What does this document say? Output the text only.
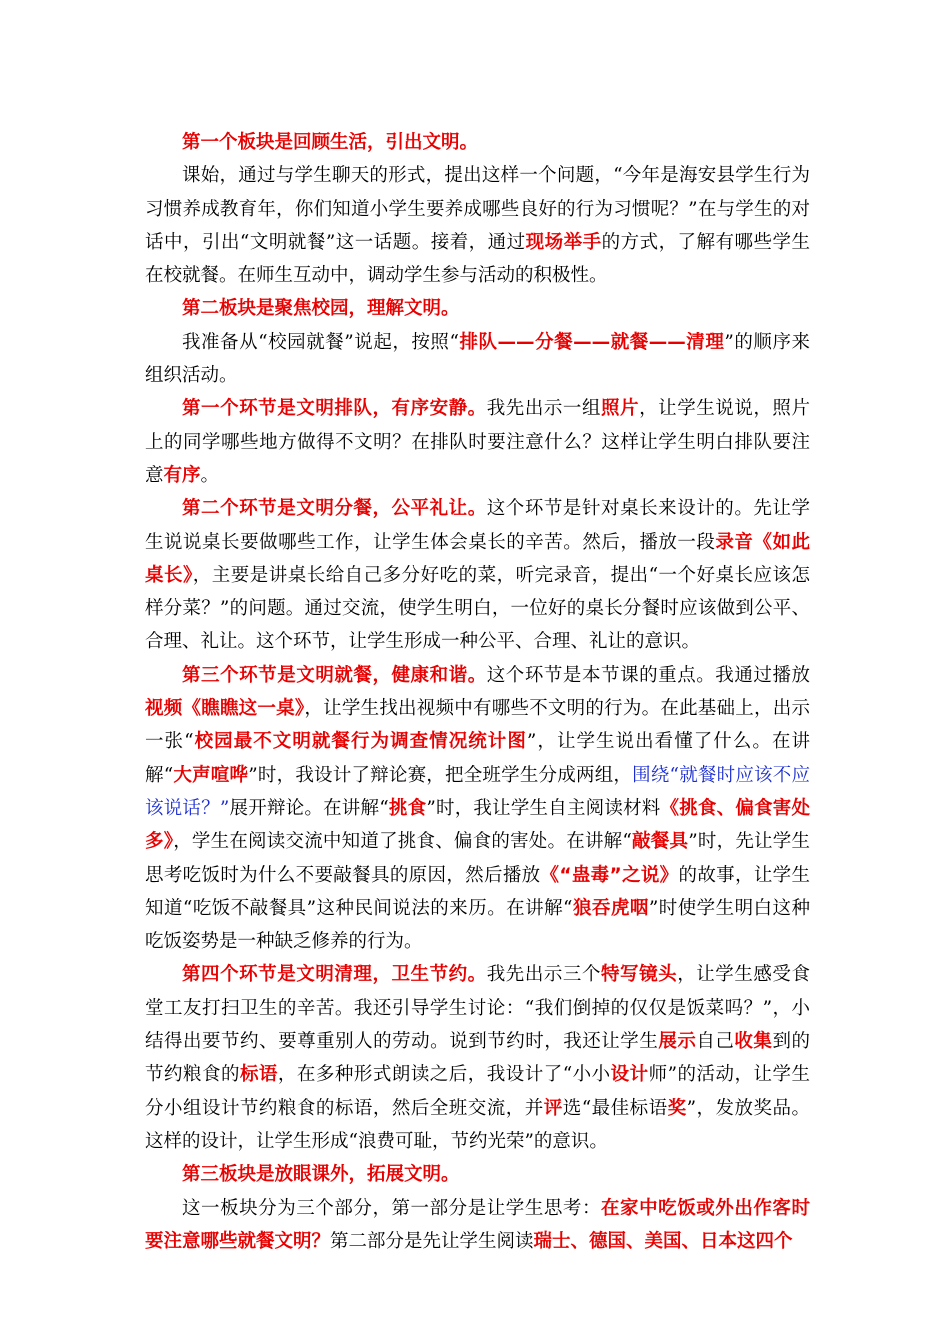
第一个板块是回顾生活，引出文明。

课始，通过与学生聊天的形式，提出这样一个问题，“今年是海安县学生行为习惯养成教育年，你们知道小学生要养成哪些良好的行为习惯呢？”在与学生的对话中，引出“文明就餐”这一话题。接着，通过现场举手的方式，了解有哪些学生在校就餐。在师生互动中，调动学生参与活动的积极性。

第二板块是聚焦校园，理解文明。

我准备从“校园就餐”说起，按照“排队——分餐——就餐——清理”的顺序来组织活动。

第一个环节是文明排队，有序安静。我先出示一组照片，让学生说说，照片上的同学哪些地方做得不文明？在排队时要注意什么？这样让学生明白排队要注意有序。

第二个环节是文明分餐，公平礼让。这个环节是针对桌长来设计的。先让学生说说桌长要做哪些工作，让学生体会桌长的辛苦。然后，播放一段录音《如此桌长》，主要是讲桌长给自己多分好吃的菜，听完录音，提出“一个好桌长应该怎样分菜？”的问题。通过交流，使学生明白，一位好的桌长分餐时应该做到公平、合理、礼让。这个环节，让学生形成一种公平、合理、礼让的意识。

第三个环节是文明就餐，健康和谐。这个环节是本节课的重点。我通过播放视频《瞧瞧这一桌》，让学生找出视频中有哪些不文明的行为。在此基础上，出示一张“校园最不文明就餐行为调查情况统计图”，让学生说出看懂了什么。在讲解“大声喧哗”时，我设计了辩论赛，把全班学生分成两组，围绕“就餐时应该不应该说话？”展开辩论。在讲解“挑食”时，我让学生自主阅读材料《挑食、偏食害处多》，学生在阅读交流中知道了挑食、偏食的害处。在讲解“敲餐具”时，先让学生思考吃饭时为什么不要敲餐具的原因，然后播放《“蛊毒”之说》的故事，让学生知道“吃饭不敲餐具”这种民间说法的来历。在讲解“狼吞虎咽”时使学生明白这种吃饭姿势是一种缺乏修养的行为。

第四个环节是文明清理，卫生节约。我先出示三个特写镜头，让学生感受食堂工友打扫卫生的辛苦。我还引导学生讨论：“我们倒掉的仅仅是饭菜吗？”，小结得出要节约、要尊重别人的劳动。说到节约时，我还让学生展示自己收集到的节约粮食的标语，在多种形式朗读之后，我设计了“小小设计师”的活动，让学生分小组设计节约粮食的标语，然后全班交流，并评选“最佳标语奖”，发放奖品。这样的设计，让学生形成“浪费可耻，节约光荣”的意识。

第三板块是放眼课外，拓展文明。

这一板块分为三个部分，第一部分是让学生思考：在家中吃饭或外出作客时要注意哪些就餐文明？第二部分是先让学生阅读瑞士、德国、美国、日本这四个
